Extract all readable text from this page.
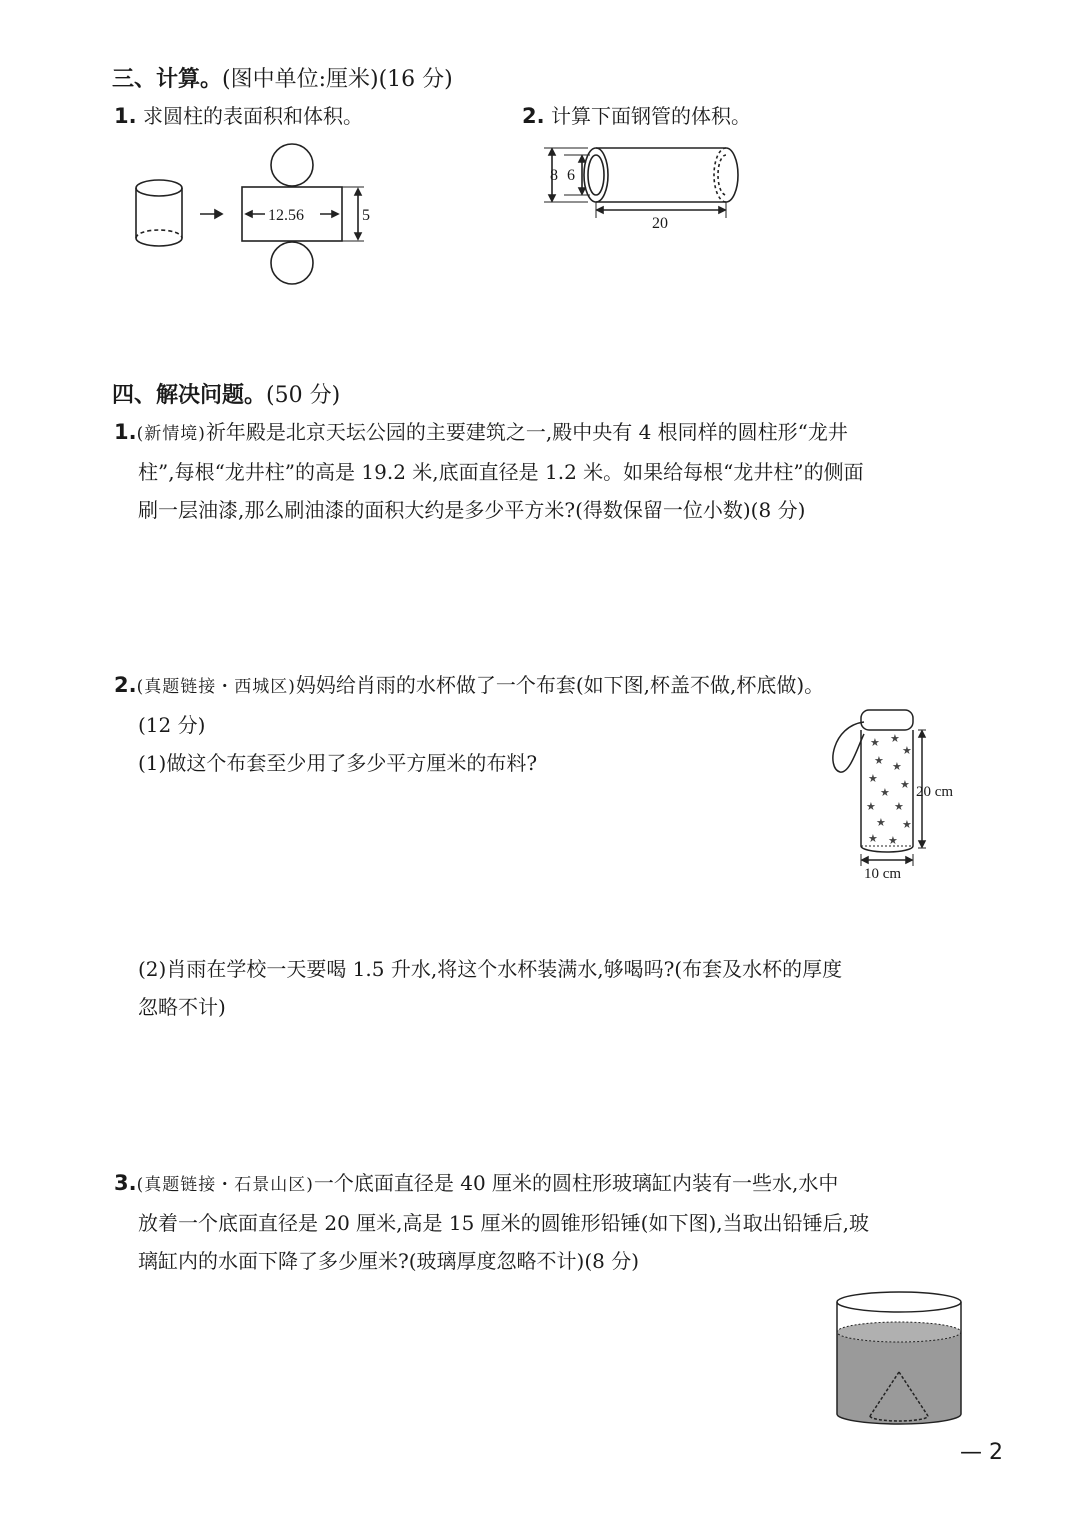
三、计算。(图中单位:厘米)(16 分)
1. 求圆柱的表面积和体积。	2. 计算下面钢管的体积。
12.56	5
8 6
20
四、解决问题。(50 分)
1.(新情境)祈年殿是北京天坛公园的主要建筑之一,殿中央有 4 根同样的圆柱形“龙井
柱”,每根“龙井柱”的高是 19.2 米,底面直径是 1.2 米。如果给每根“龙井柱”的侧面
刷一层油漆,那么刷油漆的面积大约是多少平方米?(得数保留一位小数)(8 分)
2.(真题链接・西城区)妈妈给肖雨的水杯做了一个布套(如下图,杯盖不做,杯底做)。
(12 分)
(1)做这个布套至少用了多少平方厘米的布料?
★ ★
★
★ ★
★ ★
★
★ ★
★ ★
★ ★
20 cm
10 cm
(2)肖雨在学校一天要喝 1.5 升水,将这个水杯装满水,够喝吗?(布套及水杯的厚度
忽略不计)
3.(真题链接・石景山区)一个底面直径是 40 厘米的圆柱形玻璃缸内装有一些水,水中
放着一个底面直径是 20 厘米,高是 15 厘米的圆锥形铅锤(如下图),当取出铅锤后,玻
璃缸内的水面下降了多少厘米?(玻璃厚度忽略不计)(8 分)
— 2
